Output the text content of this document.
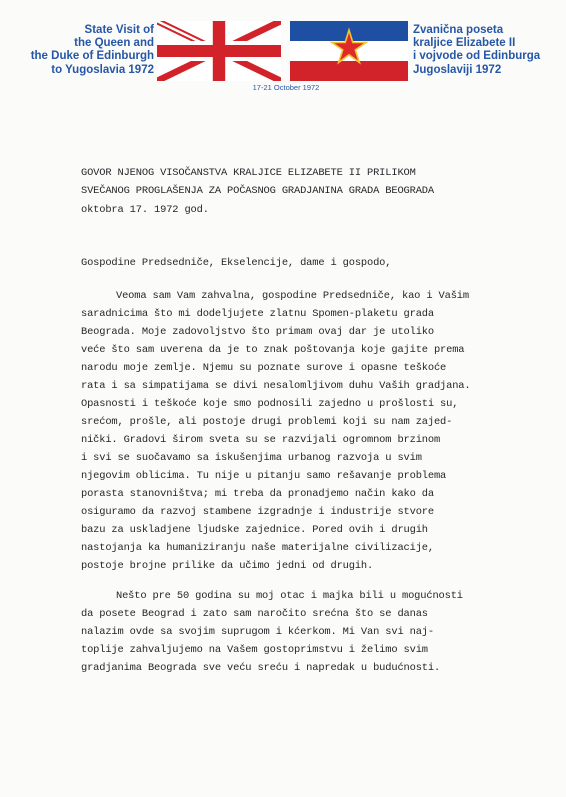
State Visit of
the Queen and
the Duke of Edinburgh
to Yugoslavia 1972
Zvanična poseta
kraljice Elizabete II
i vojvode od Edinburga
Jugoslaviji 1972
17-21 October 1972
GOVOR NJENOG VISOČANSTVA KRALJICE ELIZABETE II PRILIKOM
SVEČANOG PROGLAŠENJA ZA POČASNOG GRADJANINA GRADA BEOGRADA
oktobra 17. 1972 god.
Gospodine Predsedniče, Ekselencije, dame i gospodo,
Veoma sam Vam zahvalna, gospodine Predsedniče, kao i Vašim
saradnicima što mi dodeljujete zlatnu Spomen-plaketu grada
Beograda. Moje zadovoljstvo što primam ovaj dar je utoliko
veće što sam uverena da je to znak poštovanja koje gajite prema
narodu moje zemlje. Njemu su poznate surove i opasne teškoće
rata i sa simpatijama se divi nesalomljivom duhu Vaših gradjana.
Opasnosti i teškoće koje smo podnosili zajedno u prošlosti su,
srećom, prošle, ali postoje drugi problemi koji su nam zajed-
nički. Gradovi širom sveta su se razvijali ogromnom brzinom
i svi se suočavamo sa iskušenjima urbanog razvoja u svim
njegovim oblicima. Tu nije u pitanju samo rešavanje problema
porasta stanovništva; mi treba da pronadjemo način kako da
osiguramo da razvoj stambene izgradnje i industrije stvore
bazu za uskladjene ljudske zajednice. Pored ovih i drugih
nastojanja ka humaniziranju naše materijalne civilizacije,
postoje brojne prilike da učimo jedni od drugih.
Nešto pre 50 godina su moj otac i majka bili u mogućnosti
da posete Beograd i zato sam naročito srećna što se danas
nalazim ovde sa svojim suprugom i kćerkom. Mi Van svi naj-
toplije zahvaljujemo na Vašem gostoprimstvu i želimo svim
gradjanima Beograda sve veću sreću i napredak u budućnosti.
